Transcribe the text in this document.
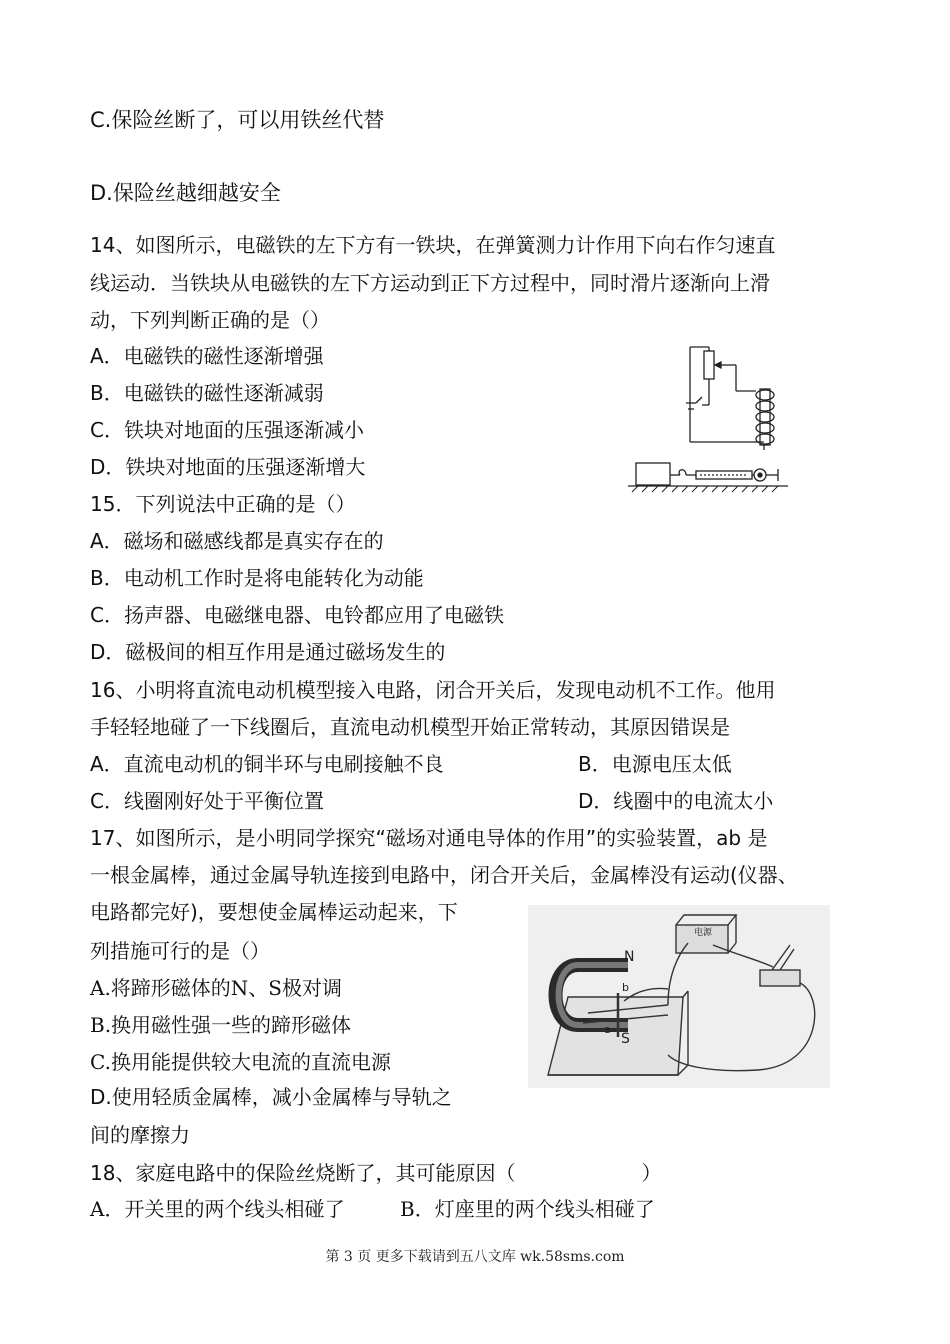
C.保险丝断了，可以用铁丝代替
D.保险丝越细越安全
14、如图所示，电磁铁的左下方有一铁块，在弹簧测力计作用下向右作匀速直
线运动．当铁块从电磁铁的左下方运动到正下方过程中，同时滑片逐渐向上滑
动，下列判断正确的是（）
A．电磁铁的磁性逐渐增强
B．电磁铁的磁性逐渐减弱
C．铁块对地面的压强逐渐减小
D．铁块对地面的压强逐渐增大
15．下列说法中正确的是（）
A．磁场和磁感线都是真实存在的
B．电动机工作时是将电能转化为动能
C．扬声器、电磁继电器、电铃都应用了电磁铁
D．磁极间的相互作用是通过磁场发生的
16、小明将直流电动机模型接入电路，闭合开关后，发现电动机不工作。他用
手轻轻地碰了一下线圈后，直流电动机模型开始正常转动，其原因错误是
A．直流电动机的铜半环与电刷接触不良	B．电源电压太低
C．线圈刚好处于平衡位置	D．线圈中的电流太小
17、如图所示，是小明同学探究“磁场对通电导体的作用”的实验装置，ab 是
一根金属棒，通过金属导轨连接到电路中，闭合开关后，金属棒没有运动(仪器、
电路都完好)，要想使金属棒运动起来，下
列措施可行的是（）
A.将蹄形磁体的N、S极对调
B.换用磁性强一些的蹄形磁体
C.换用能提供较大电流的直流电源
D.使用轻质金属棒，减小金属棒与导轨之
间的摩擦力
N
S
a
b
电源
18、家庭电路中的保险丝烧断了，其可能原因（	）
A．开关里的两个线头相碰了	B．灯座里的两个线头相碰了
第 3 页 更多下载请到五八文库 wk.58sms.com
